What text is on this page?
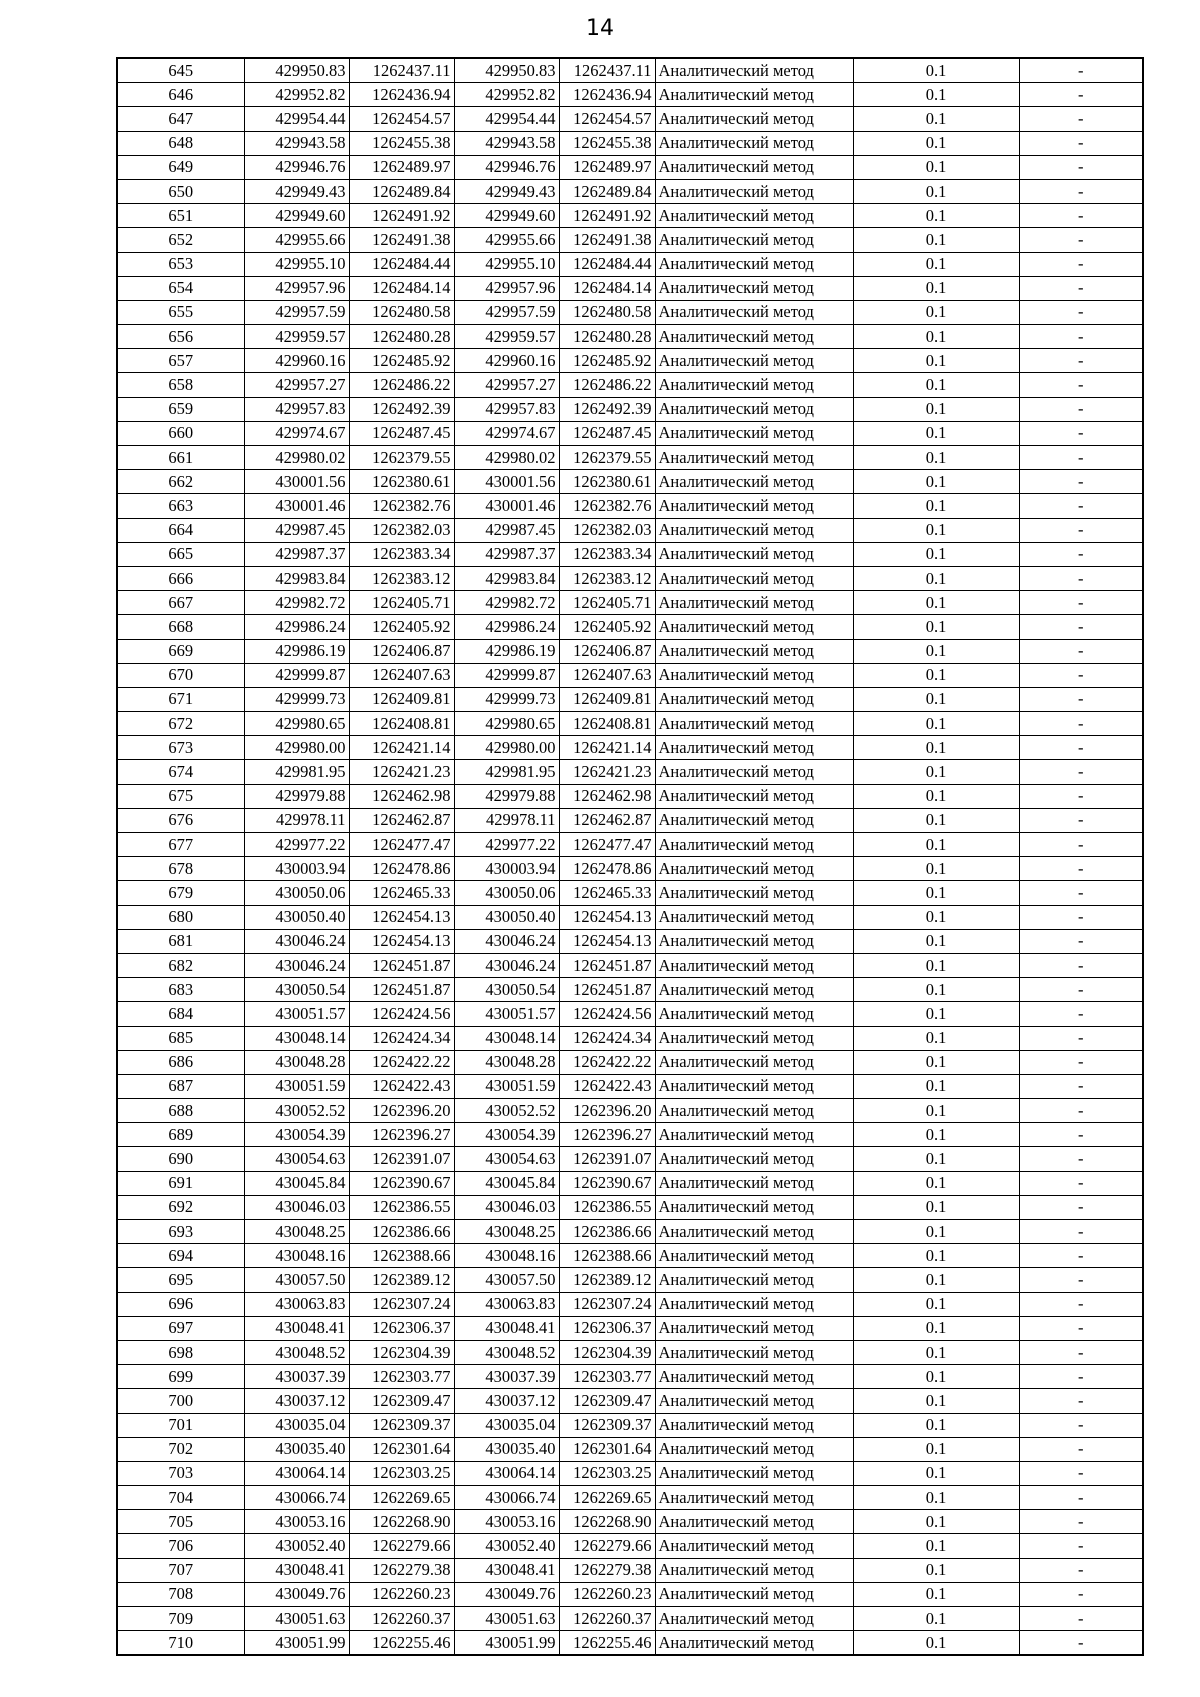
14
645	429950.83	1262437.11	429950.83	1262437.11	Аналитический метод	0.1	-
646	429952.82	1262436.94	429952.82	1262436.94	Аналитический метод	0.1	-
647	429954.44	1262454.57	429954.44	1262454.57	Аналитический метод	0.1	-
648	429943.58	1262455.38	429943.58	1262455.38	Аналитический метод	0.1	-
649	429946.76	1262489.97	429946.76	1262489.97	Аналитический метод	0.1	-
650	429949.43	1262489.84	429949.43	1262489.84	Аналитический метод	0.1	-
651	429949.60	1262491.92	429949.60	1262491.92	Аналитический метод	0.1	-
652	429955.66	1262491.38	429955.66	1262491.38	Аналитический метод	0.1	-
653	429955.10	1262484.44	429955.10	1262484.44	Аналитический метод	0.1	-
654	429957.96	1262484.14	429957.96	1262484.14	Аналитический метод	0.1	-
655	429957.59	1262480.58	429957.59	1262480.58	Аналитический метод	0.1	-
656	429959.57	1262480.28	429959.57	1262480.28	Аналитический метод	0.1	-
657	429960.16	1262485.92	429960.16	1262485.92	Аналитический метод	0.1	-
658	429957.27	1262486.22	429957.27	1262486.22	Аналитический метод	0.1	-
659	429957.83	1262492.39	429957.83	1262492.39	Аналитический метод	0.1	-
660	429974.67	1262487.45	429974.67	1262487.45	Аналитический метод	0.1	-
661	429980.02	1262379.55	429980.02	1262379.55	Аналитический метод	0.1	-
662	430001.56	1262380.61	430001.56	1262380.61	Аналитический метод	0.1	-
663	430001.46	1262382.76	430001.46	1262382.76	Аналитический метод	0.1	-
664	429987.45	1262382.03	429987.45	1262382.03	Аналитический метод	0.1	-
665	429987.37	1262383.34	429987.37	1262383.34	Аналитический метод	0.1	-
666	429983.84	1262383.12	429983.84	1262383.12	Аналитический метод	0.1	-
667	429982.72	1262405.71	429982.72	1262405.71	Аналитический метод	0.1	-
668	429986.24	1262405.92	429986.24	1262405.92	Аналитический метод	0.1	-
669	429986.19	1262406.87	429986.19	1262406.87	Аналитический метод	0.1	-
670	429999.87	1262407.63	429999.87	1262407.63	Аналитический метод	0.1	-
671	429999.73	1262409.81	429999.73	1262409.81	Аналитический метод	0.1	-
672	429980.65	1262408.81	429980.65	1262408.81	Аналитический метод	0.1	-
673	429980.00	1262421.14	429980.00	1262421.14	Аналитический метод	0.1	-
674	429981.95	1262421.23	429981.95	1262421.23	Аналитический метод	0.1	-
675	429979.88	1262462.98	429979.88	1262462.98	Аналитический метод	0.1	-
676	429978.11	1262462.87	429978.11	1262462.87	Аналитический метод	0.1	-
677	429977.22	1262477.47	429977.22	1262477.47	Аналитический метод	0.1	-
678	430003.94	1262478.86	430003.94	1262478.86	Аналитический метод	0.1	-
679	430050.06	1262465.33	430050.06	1262465.33	Аналитический метод	0.1	-
680	430050.40	1262454.13	430050.40	1262454.13	Аналитический метод	0.1	-
681	430046.24	1262454.13	430046.24	1262454.13	Аналитический метод	0.1	-
682	430046.24	1262451.87	430046.24	1262451.87	Аналитический метод	0.1	-
683	430050.54	1262451.87	430050.54	1262451.87	Аналитический метод	0.1	-
684	430051.57	1262424.56	430051.57	1262424.56	Аналитический метод	0.1	-
685	430048.14	1262424.34	430048.14	1262424.34	Аналитический метод	0.1	-
686	430048.28	1262422.22	430048.28	1262422.22	Аналитический метод	0.1	-
687	430051.59	1262422.43	430051.59	1262422.43	Аналитический метод	0.1	-
688	430052.52	1262396.20	430052.52	1262396.20	Аналитический метод	0.1	-
689	430054.39	1262396.27	430054.39	1262396.27	Аналитический метод	0.1	-
690	430054.63	1262391.07	430054.63	1262391.07	Аналитический метод	0.1	-
691	430045.84	1262390.67	430045.84	1262390.67	Аналитический метод	0.1	-
692	430046.03	1262386.55	430046.03	1262386.55	Аналитический метод	0.1	-
693	430048.25	1262386.66	430048.25	1262386.66	Аналитический метод	0.1	-
694	430048.16	1262388.66	430048.16	1262388.66	Аналитический метод	0.1	-
695	430057.50	1262389.12	430057.50	1262389.12	Аналитический метод	0.1	-
696	430063.83	1262307.24	430063.83	1262307.24	Аналитический метод	0.1	-
697	430048.41	1262306.37	430048.41	1262306.37	Аналитический метод	0.1	-
698	430048.52	1262304.39	430048.52	1262304.39	Аналитический метод	0.1	-
699	430037.39	1262303.77	430037.39	1262303.77	Аналитический метод	0.1	-
700	430037.12	1262309.47	430037.12	1262309.47	Аналитический метод	0.1	-
701	430035.04	1262309.37	430035.04	1262309.37	Аналитический метод	0.1	-
702	430035.40	1262301.64	430035.40	1262301.64	Аналитический метод	0.1	-
703	430064.14	1262303.25	430064.14	1262303.25	Аналитический метод	0.1	-
704	430066.74	1262269.65	430066.74	1262269.65	Аналитический метод	0.1	-
705	430053.16	1262268.90	430053.16	1262268.90	Аналитический метод	0.1	-
706	430052.40	1262279.66	430052.40	1262279.66	Аналитический метод	0.1	-
707	430048.41	1262279.38	430048.41	1262279.38	Аналитический метод	0.1	-
708	430049.76	1262260.23	430049.76	1262260.23	Аналитический метод	0.1	-
709	430051.63	1262260.37	430051.63	1262260.37	Аналитический метод	0.1	-
710	430051.99	1262255.46	430051.99	1262255.46	Аналитический метод	0.1	-
